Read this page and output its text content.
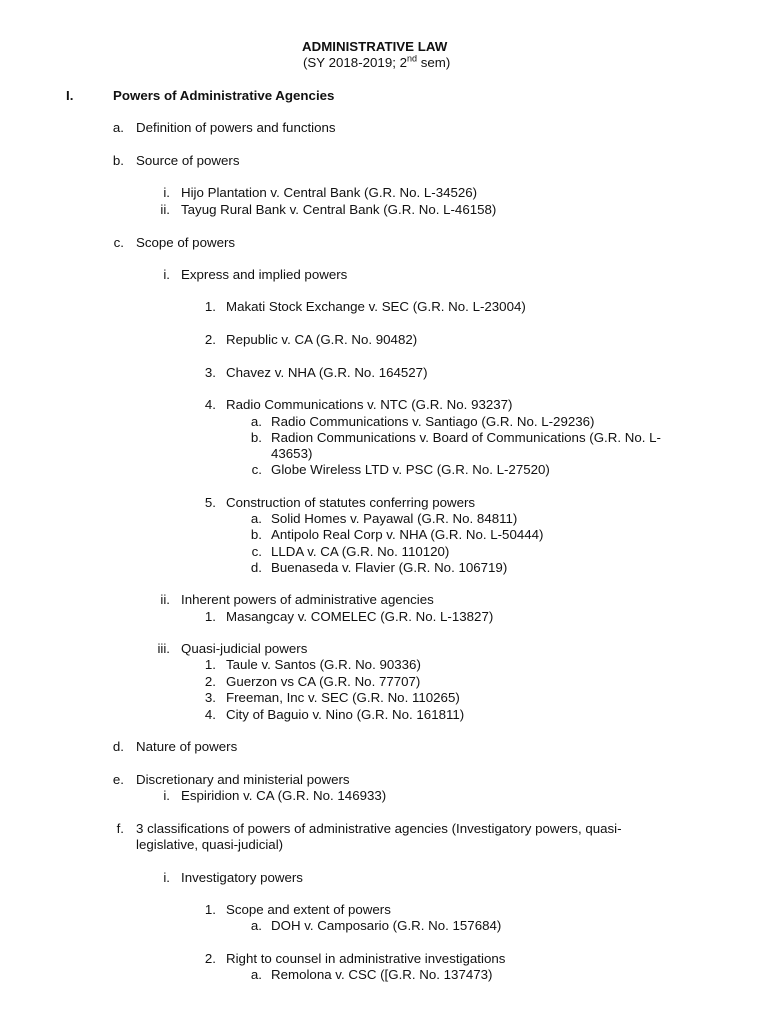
ADMINISTRATIVE LAW
(SY 2018-2019; 2nd sem)
I.	Powers of Administrative Agencies
a. Definition of powers and functions
b. Source of powers
i. Hijo Plantation v. Central Bank (G.R. No. L-34526)
ii. Tayug Rural Bank v. Central Bank (G.R. No. L-46158)
c. Scope of powers
i. Express and implied powers
1. Makati Stock Exchange v. SEC (G.R. No. L-23004)
2. Republic v. CA (G.R. No. 90482)
3. Chavez v. NHA (G.R. No. 164527)
4. Radio Communications v. NTC (G.R. No. 93237)
a. Radio Communications v. Santiago (G.R. No. L-29236)
b. Radion Communications v. Board of Communications (G.R. No. L-
43653)
c. Globe Wireless LTD v. PSC (G.R. No. L-27520)
5. Construction of statutes conferring powers
a. Solid Homes v. Payawal (G.R. No. 84811)
b. Antipolo Real Corp v. NHA (G.R. No. L-50444)
c. LLDA v. CA (G.R. No. 110120)
d. Buenaseda v. Flavier (G.R. No. 106719)
ii. Inherent powers of administrative agencies
1. Masangcay v. COMELEC (G.R. No. L-13827)
iii. Quasi-judicial powers
1. Taule v. Santos (G.R. No. 90336)
2. Guerzon vs CA (G.R. No. 77707)
3. Freeman, Inc v. SEC (G.R. No. 110265)
4. City of Baguio v. Nino (G.R. No. 161811)
d. Nature of powers
e. Discretionary and ministerial powers
i. Espiridion v. CA (G.R. No. 146933)
f. 3 classifications of powers of administrative agencies (Investigatory powers, quasi-
legislative, quasi-judicial)
i. Investigatory powers
1. Scope and extent of powers
a. DOH v. Camposario (G.R. No. 157684)
2. Right to counsel in administrative investigations
a. Remolona v. CSC ([G.R. No. 137473)
